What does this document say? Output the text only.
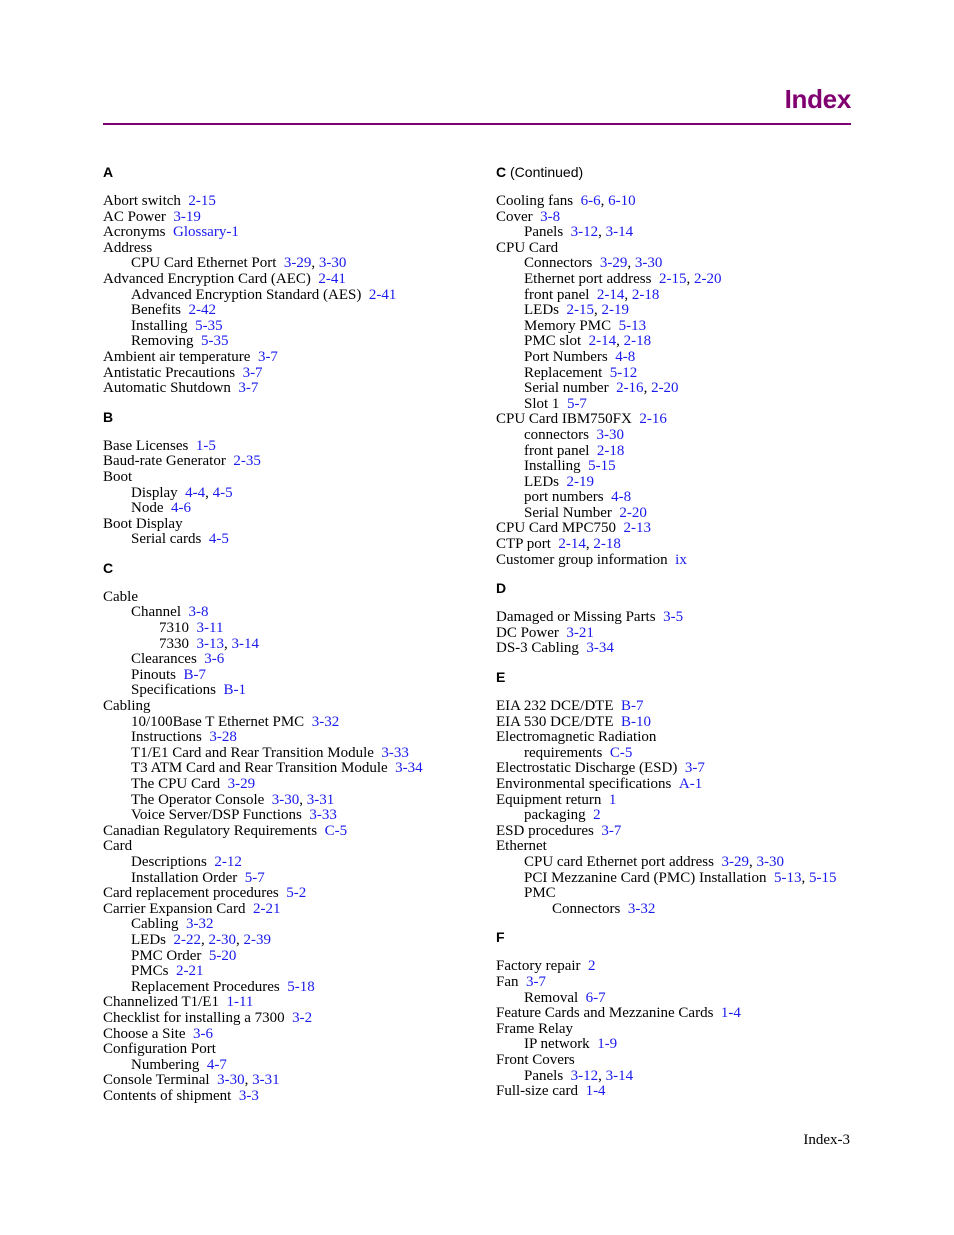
Index
A
Abort switch 2-15
AC Power 3-19
Acronyms Glossary-1
Address
CPU Card Ethernet Port 3-29, 3-30
Advanced Encryption Card (AEC) 2-41
Advanced Encryption Standard (AES) 2-41
Benefits 2-42
Installing 5-35
Removing 5-35
Ambient air temperature 3-7
Antistatic Precautions 3-7
Automatic Shutdown 3-7
B
Base Licenses 1-5
Baud-rate Generator 2-35
Boot
Display 4-4, 4-5
Node 4-6
Boot Display
Serial cards 4-5
C
Cable
Channel 3-8
7310 3-11
7330 3-13, 3-14
Clearances 3-6
Pinouts B-7
Specifications B-1
Cabling
10/100Base T Ethernet PMC 3-32
Instructions 3-28
T1/E1 Card and Rear Transition Module 3-33
T3 ATM Card and Rear Transition Module 3-34
The CPU Card 3-29
The Operator Console 3-30, 3-31
Voice Server/DSP Functions 3-33
Canadian Regulatory Requirements C-5
Card
Descriptions 2-12
Installation Order 5-7
Card replacement procedures 5-2
Carrier Expansion Card 2-21
Cabling 3-32
LEDs 2-22, 2-30, 2-39
PMC Order 5-20
PMCs 2-21
Replacement Procedures 5-18
Channelized T1/E1 1-11
Checklist for installing a 7300 3-2
Choose a Site 3-6
Configuration Port
Numbering 4-7
Console Terminal 3-30, 3-31
Contents of shipment 3-3
C (Continued)
Cooling fans 6-6, 6-10
Cover 3-8
Panels 3-12, 3-14
CPU Card
Connectors 3-29, 3-30
Ethernet port address 2-15, 2-20
front panel 2-14, 2-18
LEDs 2-15, 2-19
Memory PMC 5-13
PMC slot 2-14, 2-18
Port Numbers 4-8
Replacement 5-12
Serial number 2-16, 2-20
Slot 1 5-7
CPU Card IBM750FX 2-16
connectors 3-30
front panel 2-18
Installing 5-15
LEDs 2-19
port numbers 4-8
Serial Number 2-20
CPU Card MPC750 2-13
CTP port 2-14, 2-18
Customer group information ix
D
Damaged or Missing Parts 3-5
DC Power 3-21
DS-3 Cabling 3-34
E
EIA 232 DCE/DTE B-7
EIA 530 DCE/DTE B-10
Electromagnetic Radiation
requirements C-5
Electrostatic Discharge (ESD) 3-7
Environmental specifications A-1
Equipment return 1
packaging 2
ESD procedures 3-7
Ethernet
CPU card Ethernet port address 3-29, 3-30
PCI Mezzanine Card (PMC) Installation 5-13, 5-15
PMC
Connectors 3-32
F
Factory repair 2
Fan 3-7
Removal 6-7
Feature Cards and Mezzanine Cards 1-4
Frame Relay
IP network 1-9
Front Covers
Panels 3-12, 3-14
Full-size card 1-4
Index-3
